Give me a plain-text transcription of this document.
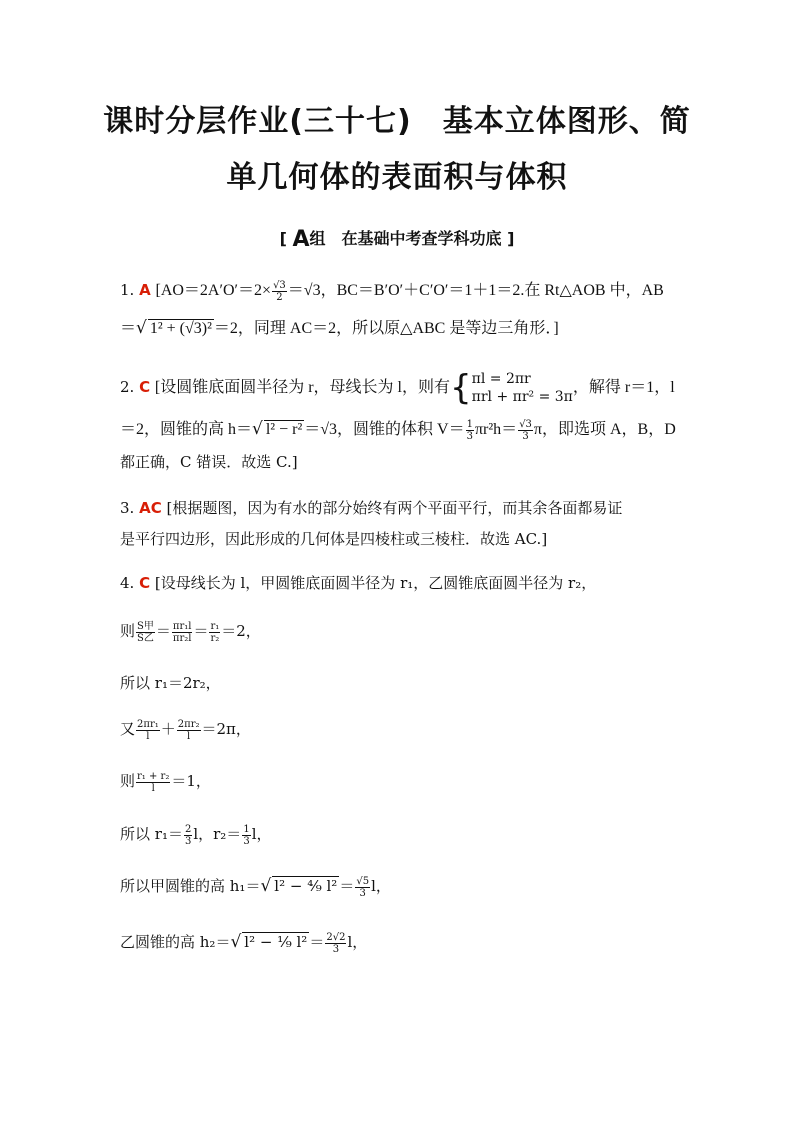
课时分层作业(三十七)　基本立体图形、简
单几何体的表面积与体积
[ A组　在基础中考查学科功底 ]
1. A [$AO=2A'O'=2\times \frac{√3}{2} =√3$，BC＝B′O′＋C′O′＝1＋1＝2.在 Rt△AOB 中，AB
＝√ 1² + (√3)² ＝2，同理 AC＝2，所以原△ABC 是等边三角形．]
2. C [设圆锥底面圆半径为 r，母线长为 l，则有{ πl = 2πr
πrl + πr² = 3π
，解得 r＝1，l
＝2，圆锥的高 h＝√ l² − r² ＝√3，圆锥的体积 $V= \frac{1}{3} \pi r^2h= \frac{√3}{3}$ π，即选项 A，B，D
都正确，C 错误．故选 C.]
3. AC [根据题图，因为有水的部分始终有两个平面平行，而其余各面都易证
是平行四边形，因此形成的几何体是四棱柱或三棱柱．故选 AC.]
4. C [设母线长为 l，甲圆锥底面圆半径为 r₁，乙圆锥底面圆半径为 r₂，
则 $\frac{\text{S甲}}{\text{S乙}} = \frac{\text{πr₁l}}{\text{πr₂l}} = \frac{\text{r₁}}{\text{r₂}} =2$，
所以 r₁＝2r₂，
又 $\frac{\text{2πr₁}}{l} + \frac{\text{2πr₂}}{l} =2\pi$，
则 $\frac{\text{r₁ + r₂}}{l} =1$，
所以 $r_1= \frac{2}{3}$ l，$r_2= \frac{1}{3}$ l，
所以甲圆锥的高 h₁＝√ l² − ⁴⁄₉ $l^2 = \frac{√5}{3}$ l，
乙圆锥的高 h₂＝√ l² − ¹⁄₉ $l^2 = \frac{2√2}{3}$ l，
